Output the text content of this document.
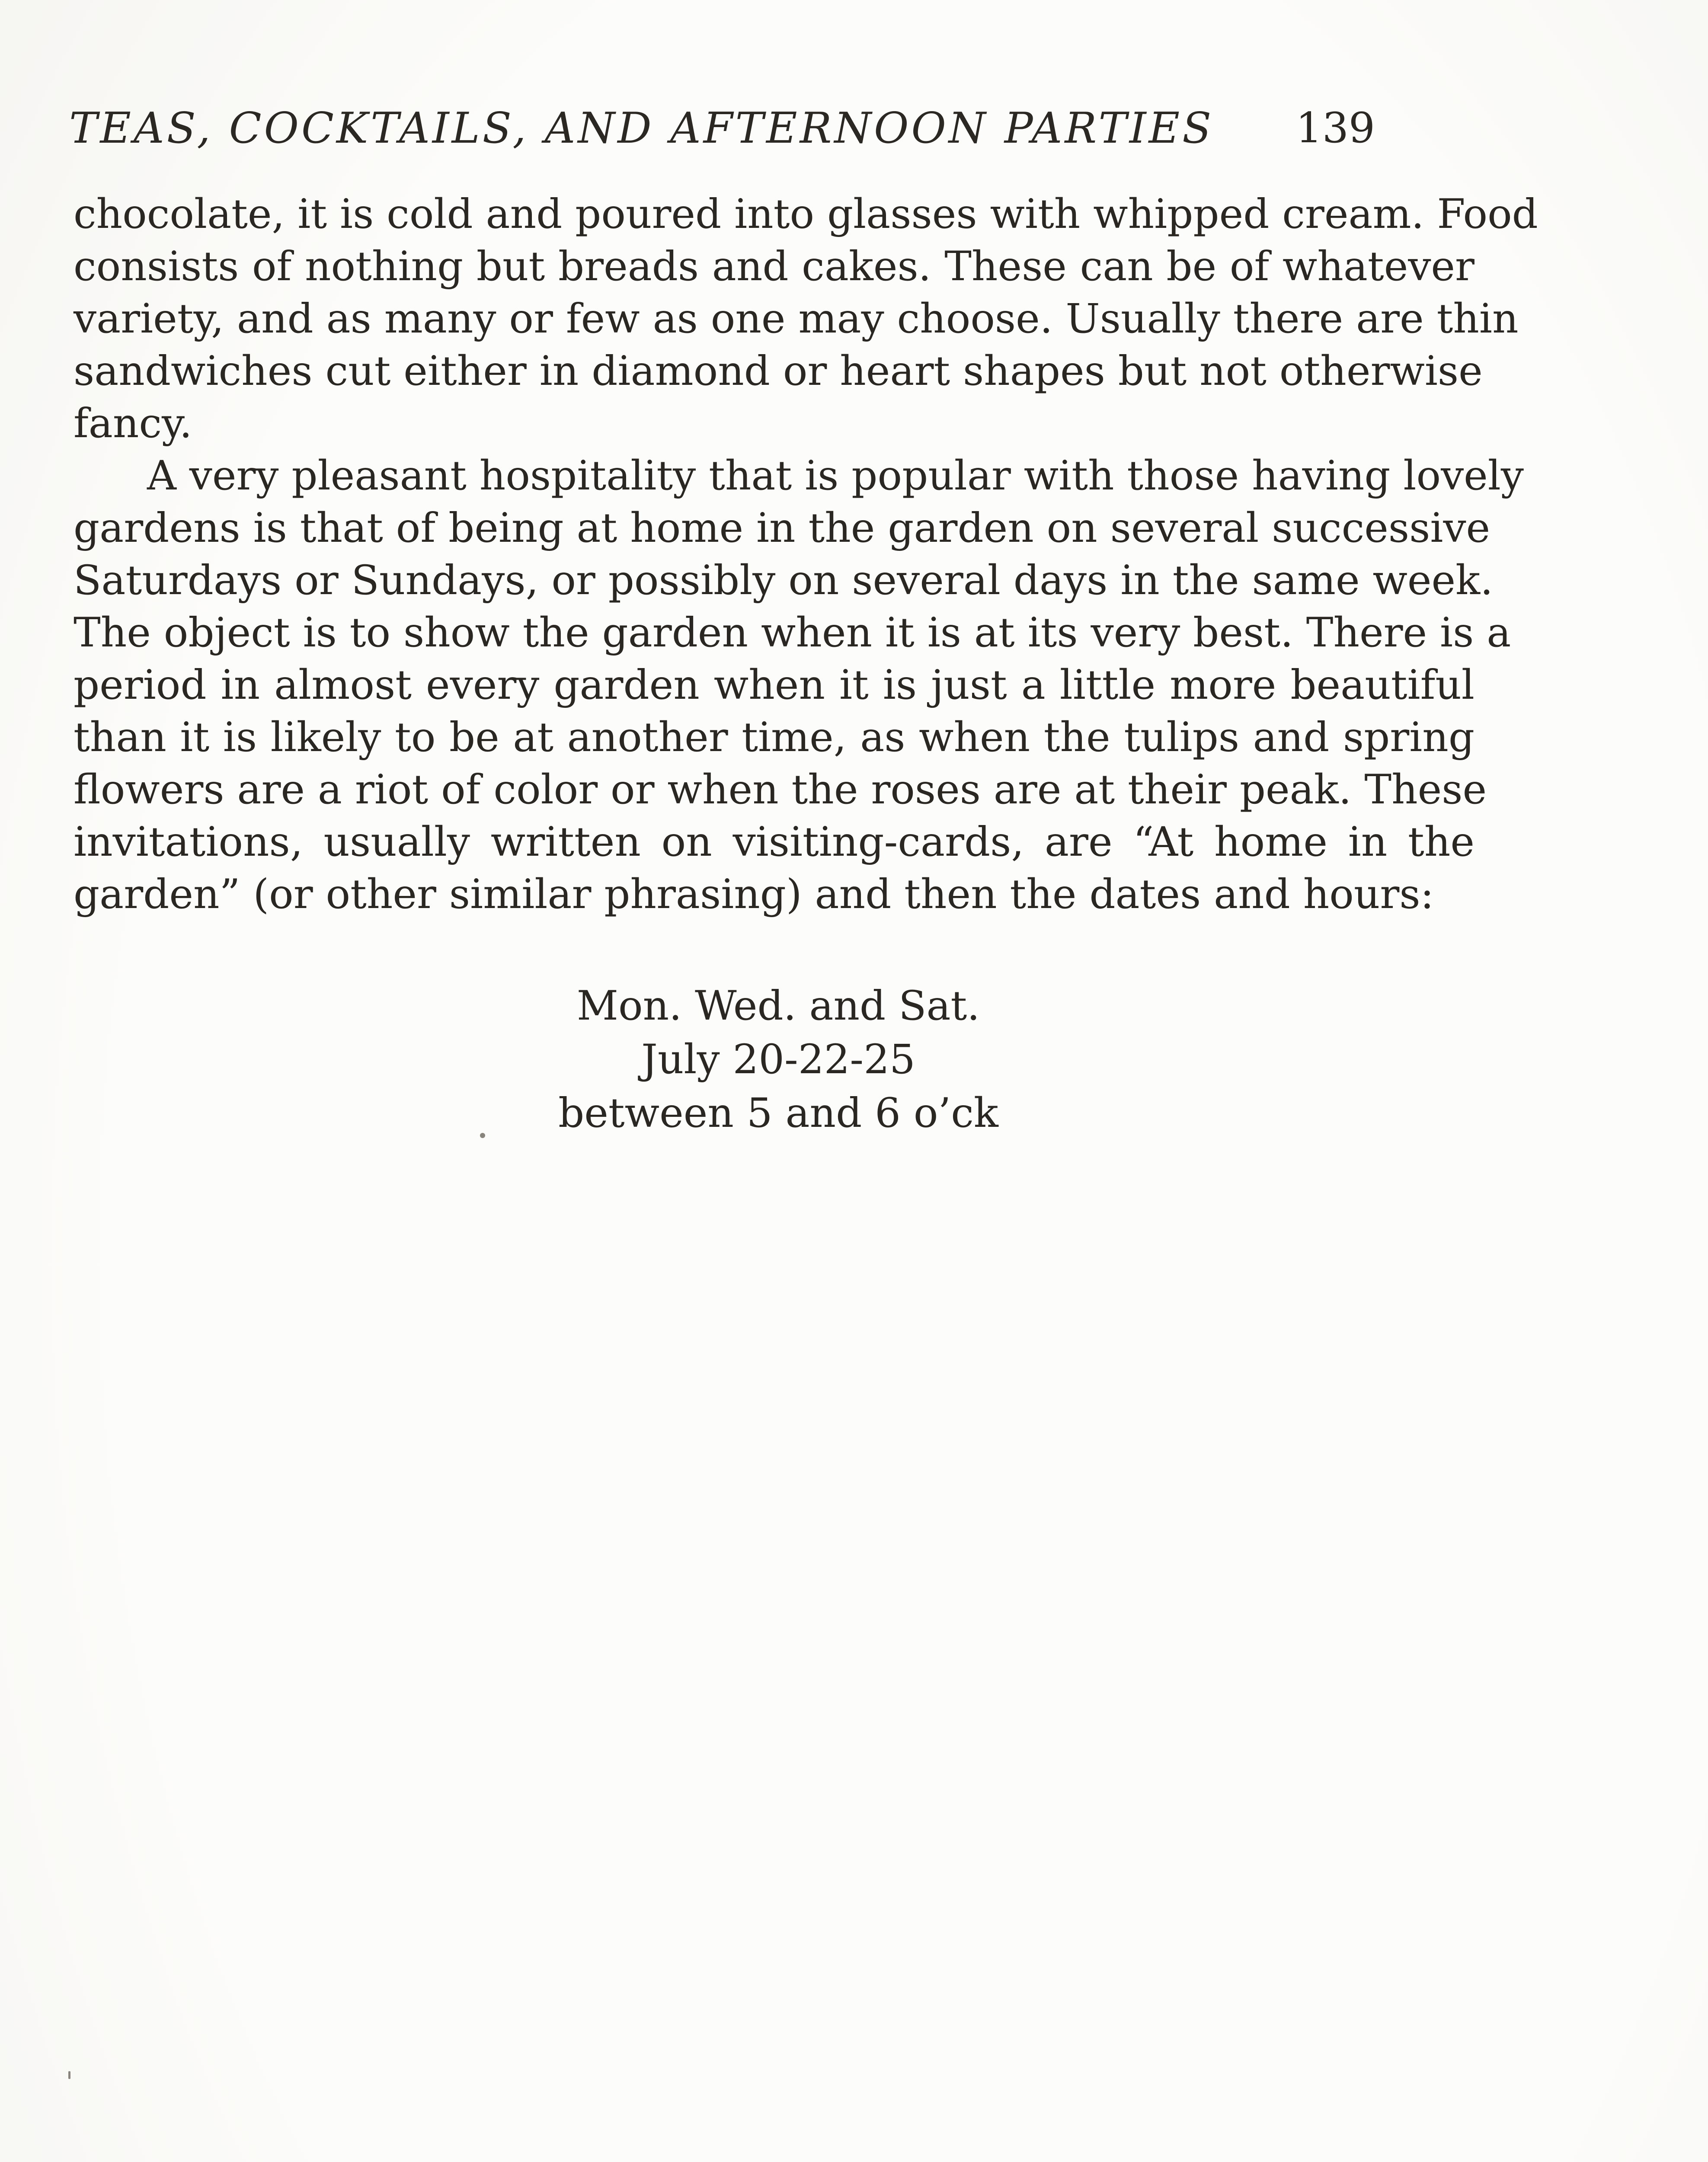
TEAS, COCKTAILS, AND AFTERNOON PARTIES 139
chocolate, it is cold and poured into glasses with whipped cream. Food
consists of nothing but breads and cakes. These can be of whatever
variety, and as many or few as one may choose. Usually there are thin
sandwiches cut either in diamond or heart shapes but not otherwise
fancy.
A very pleasant hospitality that is popular with those having lovely
gardens is that of being at home in the garden on several successive
Saturdays or Sundays, or possibly on several days in the same week.
The object is to show the garden when it is at its very best. There is a
period in almost every garden when it is just a little more beautiful
than it is likely to be at another time, as when the tulips and spring
flowers are a riot of color or when the roses are at their peak. These
invitations, usually written on visiting-cards, are “At home in the
garden” (or other similar phrasing) and then the dates and hours:
Mon. Wed. and Sat.
July 20-22-25
between 5 and 6 o’ck
